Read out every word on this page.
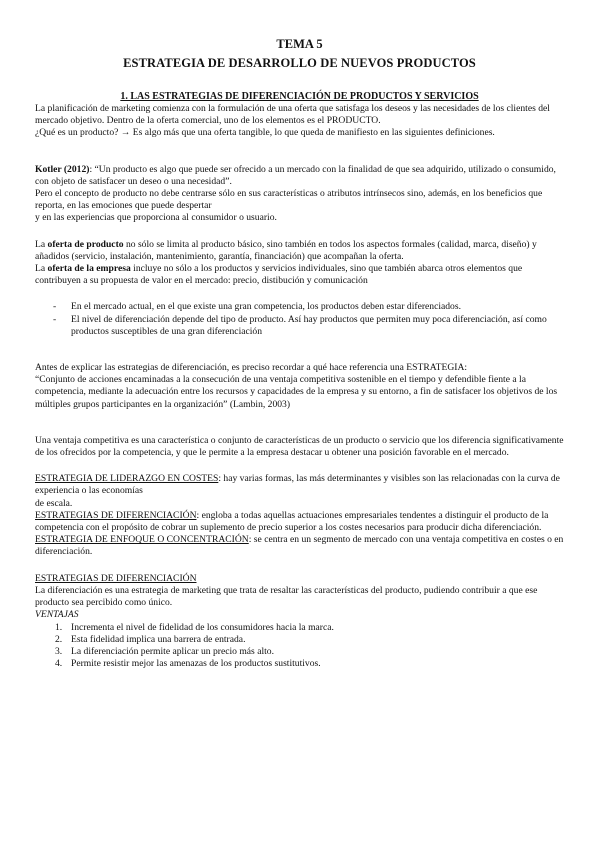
TEMA 5
ESTRATEGIA DE DESARROLLO DE NUEVOS PRODUCTOS
1. LAS ESTRATEGIAS DE DIFERENCIACIÓN DE PRODUCTOS Y SERVICIOS

La planificación de marketing comienza con la formulación de una oferta que satisfaga los deseos y las necesidades de los clientes del mercado objetivo. Dentro de la oferta comercial, uno de los elementos es el PRODUCTO.

¿Qué es un producto? → Es algo más que una oferta tangible, lo que queda de manifiesto en las siguientes definiciones.

Kotler (2012): “Un producto es algo que puede ser ofrecido a un mercado con la finalidad de que sea adquirido, utilizado o consumido, con objeto de satisfacer un deseo o una necesidad”.

Pero el concepto de producto no debe centrarse sólo en sus características o atributos intrínsecos sino, además, en los beneficios que reporta, en las emociones que puede despertar

y en las experiencias que proporciona al consumidor o usuario.

La oferta de producto no sólo se limita al producto básico, sino también en todos los aspectos formales (calidad, marca, diseño) y añadidos (servicio, instalación, mantenimiento, garantía, financiación) que acompañan la oferta.

La oferta de la empresa incluye no sólo a los productos y servicios individuales, sino que también abarca otros elementos que contribuyen a su propuesta de valor en el mercado: precio, distibución y comunicación

- En el mercado actual, en el que existe una gran competencia, los productos deben estar diferenciados.
- El nivel de diferenciación depende del tipo de producto. Así hay productos que permiten muy poca diferenciación, así como productos susceptibles de una gran diferenciación

Antes de explicar las estrategias de diferenciación, es preciso recordar a qué hace referencia una ESTRATEGIA:

“Conjunto de acciones encaminadas a la consecución de una ventaja competitiva sostenible en el tiempo y defendible fiente a la competencia, mediante la adecuación entre los recursos y capacidades de la empresa y su entorno, a fin de satisfacer los objetivos de los múltiples grupos participantes en la organización” (Lambin, 2003)

Una ventaja competitiva es una característica o conjunto de características de un producto o servicio que los diferencia significativamente de los ofrecidos por la competencia, y que le permite a la empresa destacar u obtener una posición favorable en el mercado.

ESTRATEGIA DE LIDERAZGO EN COSTES: hay varias formas, las más determinantes y visibles son las relacionadas con la curva de experiencia o las economías

de escala.

ESTRATEGIAS DE DIFERENCIACIÓN: engloba a todas aquellas actuaciones empresariales tendentes a distinguir el producto de la competencia con el propósito de cobrar un suplemento de precio superior a los costes necesarios para producir dicha diferenciación.

ESTRATEGIA DE ENFOQUE O CONCENTRACIÓN: se centra en un segmento de mercado con una ventaja competitiva en costes o en diferenciación.

ESTRATEGIAS DE DIFERENCIACIÓN

La diferenciación es una estrategia de marketing que trata de resaltar las características del producto, pudiendo contribuir a que ese producto sea percibido como único.

VENTAJAS

1. Incrementa el nivel de fidelidad de los consumidores hacia la marca.
2. Esta fidelidad implica una barrera de entrada.
3. La diferenciación permite aplicar un precio más alto.
4. Permite resistir mejor las amenazas de los productos sustitutivos.
